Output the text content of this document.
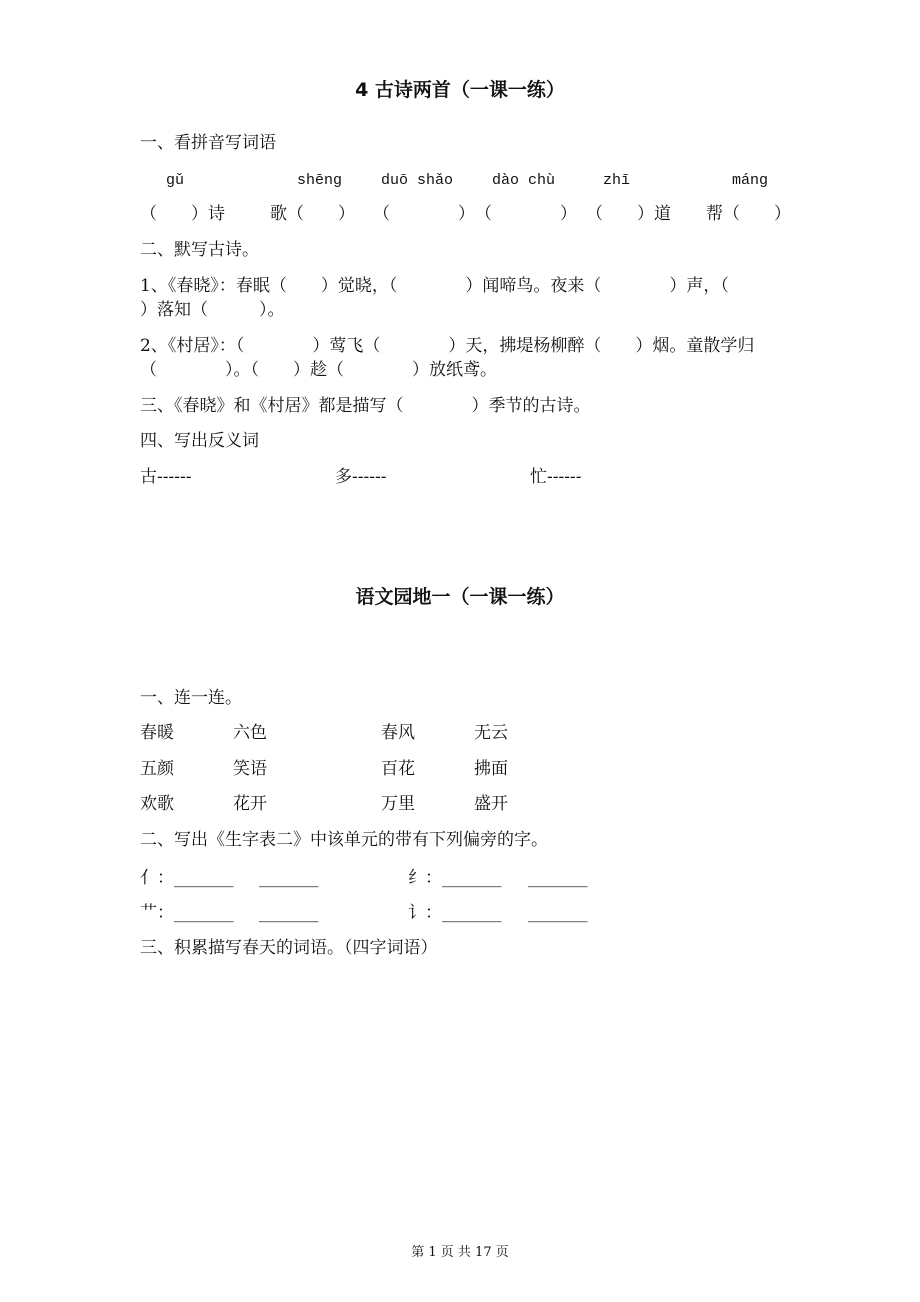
4 古诗两首（一课一练）
一、看拼音写词语
gǔ	shēng	duō shǎo	dào chù	zhī	máng
（　　）诗	歌（　　） （　　　　） （　　　　） （　　）道 帮（　　）
二、默写古诗。
1、《春晓》：春眠（　　）觉晓，（　　　　）闻啼鸟。夜来（　　　　）声，（
）落知（　　　）。
2、《村居》：（　　　　）莺飞（　　　　）天，拂堤杨柳醉（　　）烟。童散学归
（　　　　）。（　　）趁（　　　　）放纸鸢。
三、《春晓》和《村居》都是描写（　　　　）季节的古诗。
四、写出反义词
古------	多------	忙------
语文园地一（一课一练）
一、连一连。
春暖	六色	春风	无云
五颜	笑语	百花	拂面
欢歌	花开	万里	盛开
二、写出《生字表二》中该单元的带有下列偏旁的字。
亻：_______ _______	纟：_______ _______
艹：_______ _______	讠：_______ _______
三、积累描写春天的词语。（四字词语）
第 1 页 共 17 页
